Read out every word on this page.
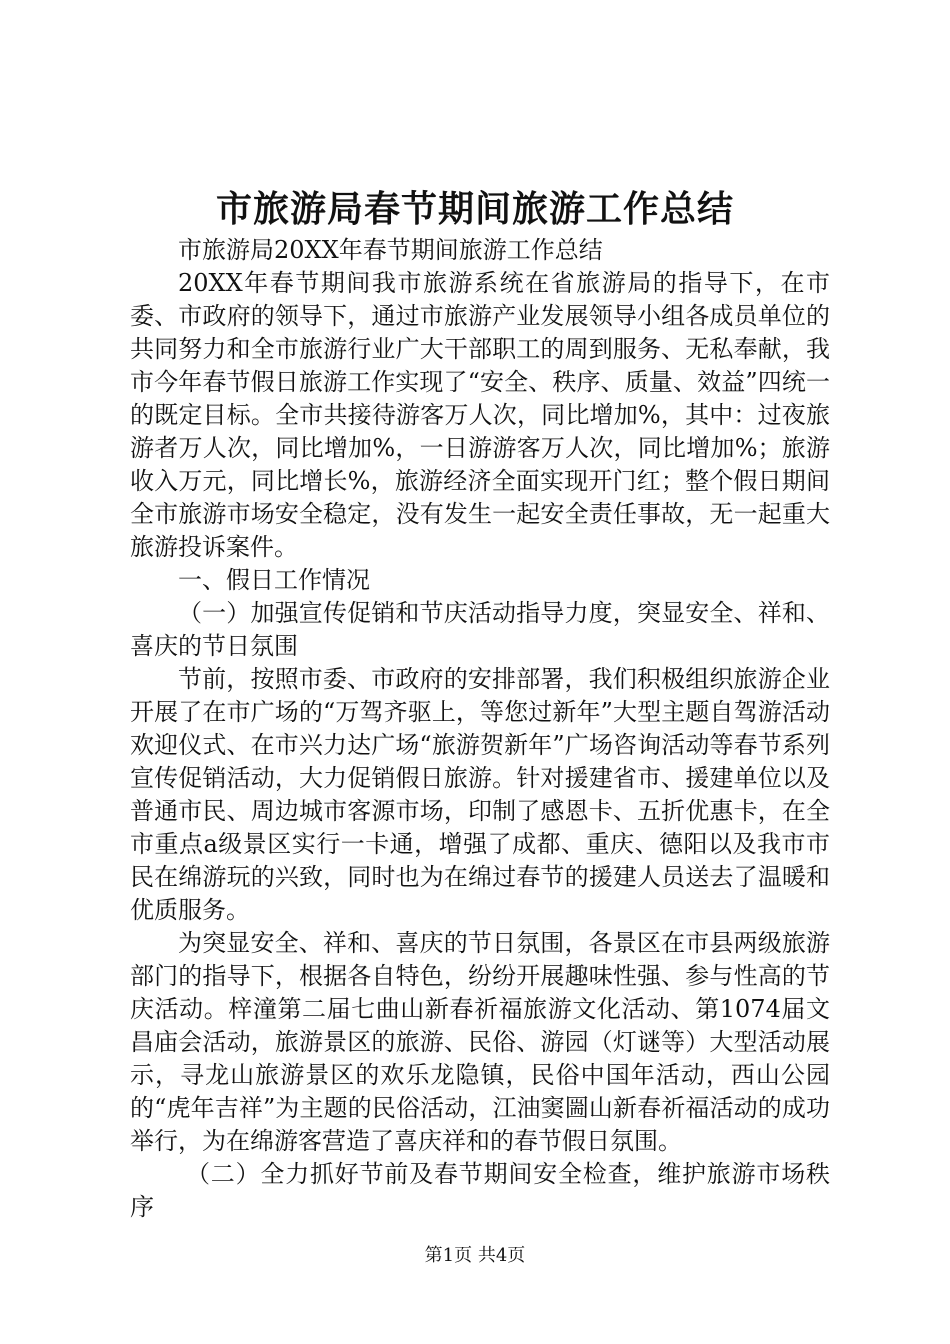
市旅游局春节期间旅游工作总结

市旅游局20XX年春节期间旅游工作总结

20XX年春节期间我市旅游系统在省旅游局的指导下，在市委、市政府的领导下，通过市旅游产业发展领导小组各成员单位的共同努力和全市旅游行业广大干部职工的周到服务、无私奉献，我市今年春节假日旅游工作实现了“安全、秩序、质量、效益”四统一的既定目标。全市共接待游客万人次，同比增加%，其中：过夜旅游者万人次，同比增加%，一日游游客万人次，同比增加%；旅游收入万元，同比增长%，旅游经济全面实现开门红；整个假日期间全市旅游市场安全稳定，没有发生一起安全责任事故，无一起重大旅游投诉案件。

一、假日工作情况

（一）加强宣传促销和节庆活动指导力度，突显安全、祥和、喜庆的节日氛围

节前，按照市委、市政府的安排部署，我们积极组织旅游企业开展了在市广场的“万驾齐驱上，等您过新年”大型主题自驾游活动欢迎仪式、在市兴力达广场“旅游贺新年”广场咨询活动等春节系列宣传促销活动，大力促销假日旅游。针对援建省市、援建单位以及普通市民、周边城市客源市场，印制了感恩卡、五折优惠卡，在全市重点a级景区实行一卡通，增强了成都、重庆、德阳以及我市市民在绵游玩的兴致，同时也为在绵过春节的援建人员送去了温暖和优质服务。

为突显安全、祥和、喜庆的节日氛围，各景区在市县两级旅游部门的指导下，根据各自特色，纷纷开展趣味性强、参与性高的节庆活动。梓潼第二届七曲山新春祈福旅游文化活动、第1074届文昌庙会活动，旅游景区的旅游、民俗、游园（灯谜等）大型活动展示，寻龙山旅游景区的欢乐龙隐镇，民俗中国年活动，西山公园的“虎年吉祥”为主题的民俗活动，江油窦圌山新春祈福活动的成功举行，为在绵游客营造了喜庆祥和的春节假日氛围。

（二）全力抓好节前及春节期间安全检查，维护旅游市场秩序

第1页 共4页
